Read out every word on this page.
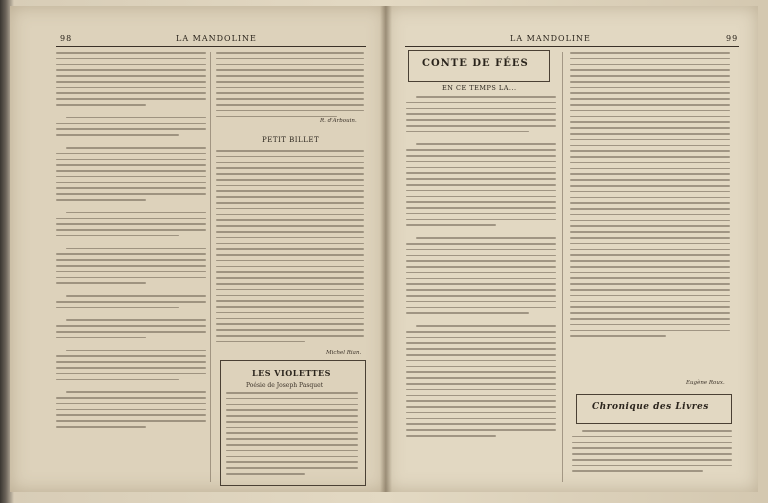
98	LA MANDOLINE	LA MANDOLINE	99
R. d'Arbouin.
PETIT BILLET
Michel Rian.
LES VIOLETTES
Poésie de Joseph Pasquet
CONTE DE FÉES
EN CE TEMPS LA...
Eugène Roux.
Chronique des Livres
